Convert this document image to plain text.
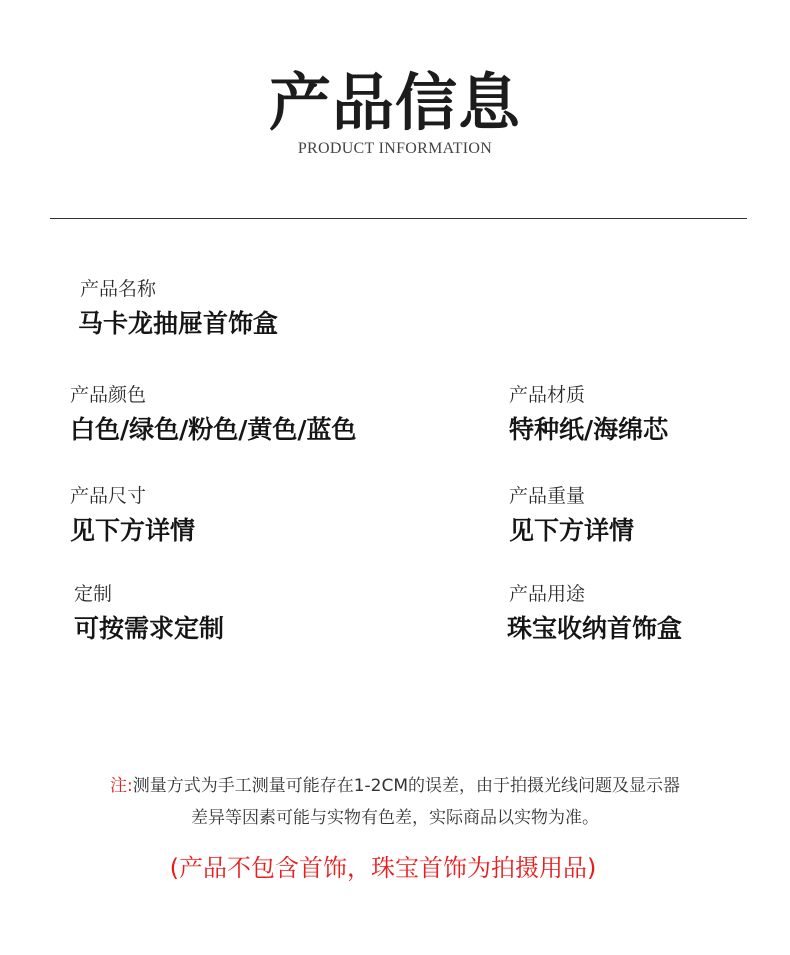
产品信息
PRODUCT INFORMATION
产品名称
马卡龙抽屉首饰盒
产品颜色
白色/绿色/粉色/黄色/蓝色
产品材质
特种纸/海绵芯
产品尺寸
见下方详情
产品重量
见下方详情
定制
可按需求定制
产品用途
珠宝收纳首饰盒
注:测量方式为手工测量可能存在1-2CM的误差，由于拍摄光线问题及显示器
差异等因素可能与实物有色差，实际商品以实物为准。
(产品不包含首饰，珠宝首饰为拍摄用品)
